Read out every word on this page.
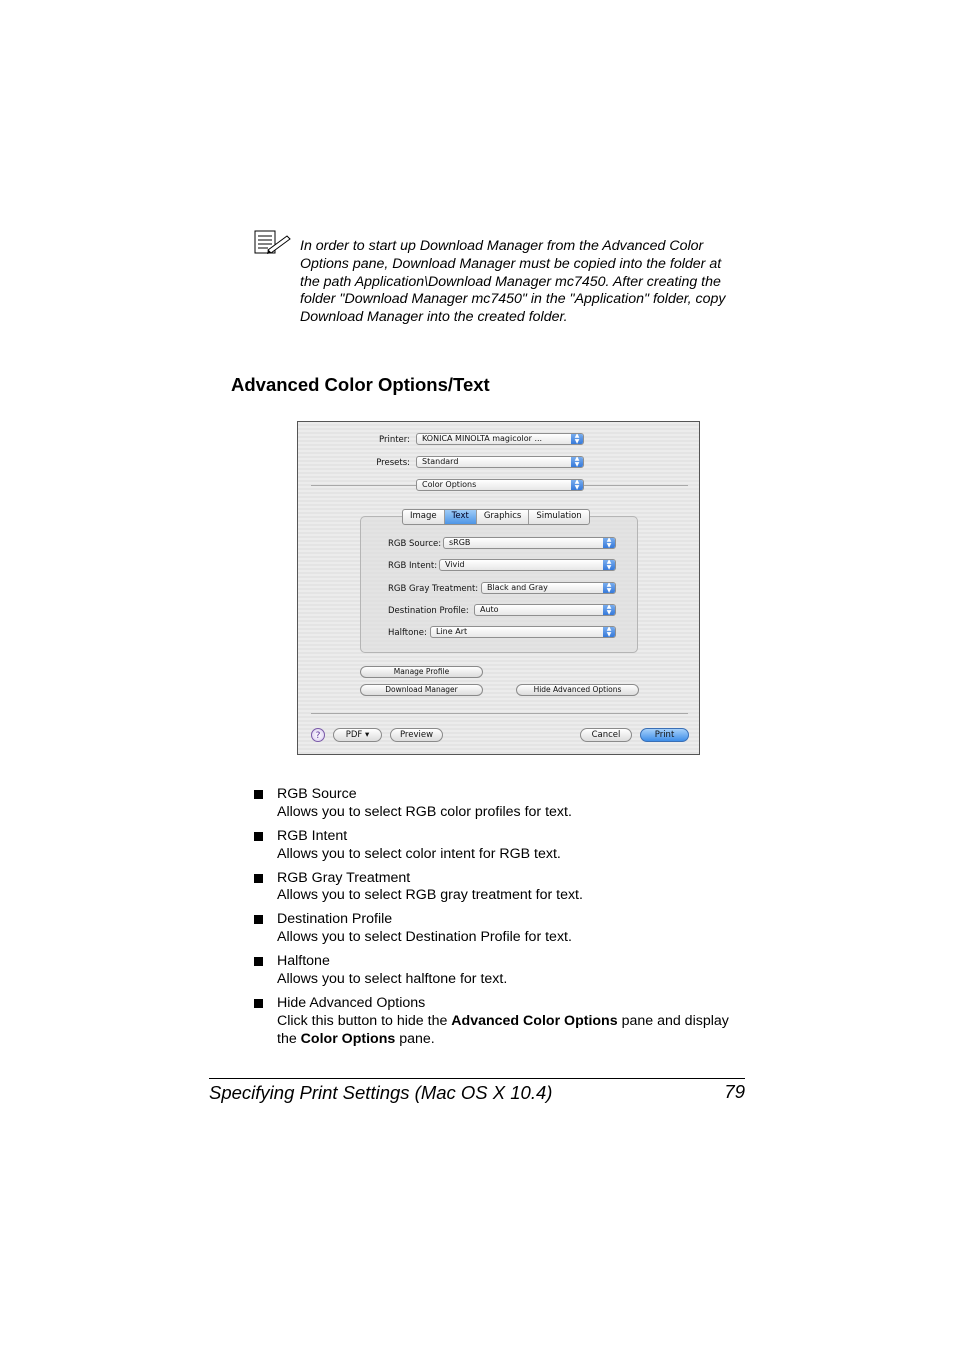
In order to start up Download Manager from the Advanced Color

Options pane, Download Manager must be copied into the folder at

the path Application\Download Manager mc7450. After creating the

folder "Download Manager mc7450" in the "Application" folder, copy

Download Manager into the created folder.

Advanced Color Options/Text
Printer:	KONICA MINOLTA magicolor ...	▲
▼
Presets:	Standard	▲
▼
Color Options	▲
▼
Image	Text	Graphics	Simulation
RGB Source: sRGB	▲
▼
RGB Intent: Vivid	▲
▼
RGB Gray Treatment:	Black and Gray	▲
▼
Destination Profile:	Auto	▲
▼
Halftone:	Line Art	▲
▼
Manage Profile
Download Manager	Hide Advanced Options
?	PDF ▾	Preview	Cancel	Print

RGB Source

Allows you to select RGB color profiles for text.

RGB Intent

Allows you to select color intent for RGB text.

RGB Gray Treatment

Allows you to select RGB gray treatment for text.

Destination Profile

Allows you to select Destination Profile for text.

Halftone

Allows you to select halftone for text.

Hide Advanced Options

Click this button to hide the Advanced Color Options pane and display

the Color Options pane.

Specifying Print Settings (Mac OS X 10.4)	79
